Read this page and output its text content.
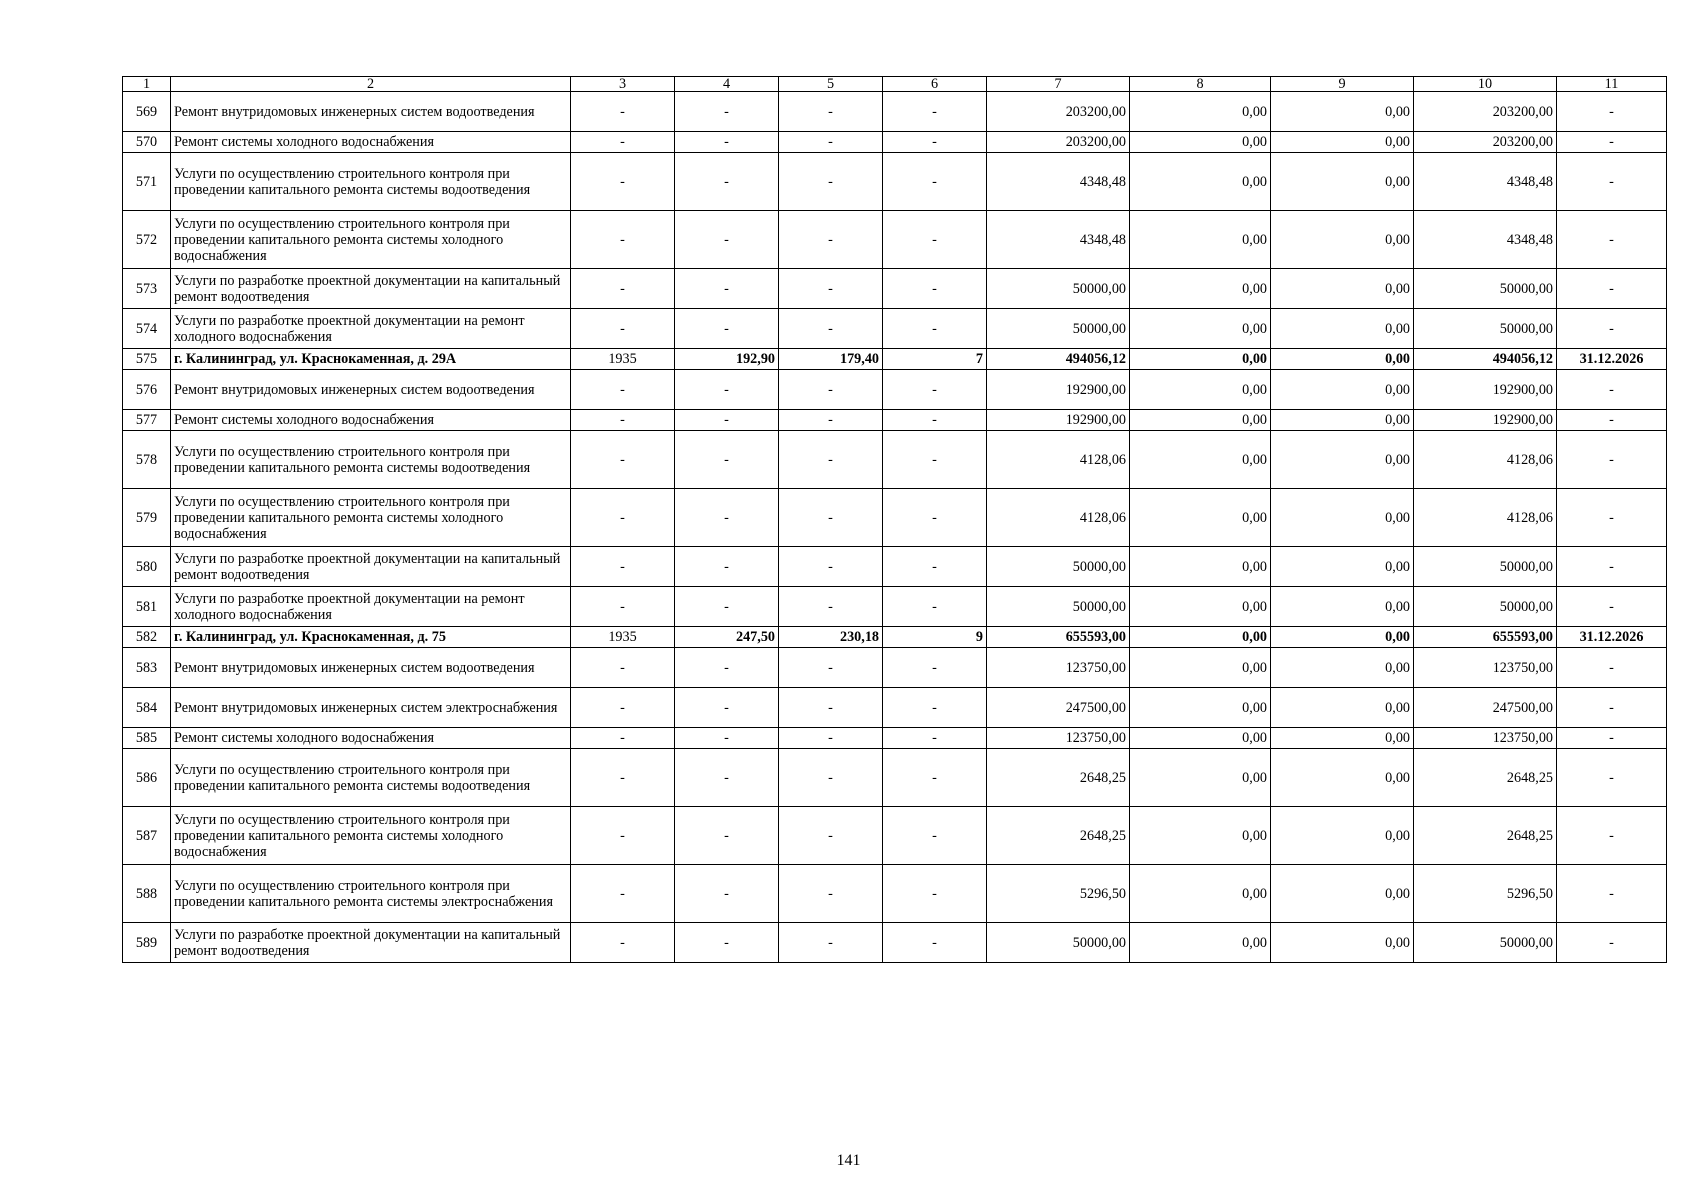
1	2	3	4	5	6	7	8	9	10	11
569	Ремонт внутридомовых инженерных систем водоотведения	-	-	-	-	203200,00	0,00	0,00	203200,00	-
570	Ремонт системы холодного водоснабжения	-	-	-	-	203200,00	0,00	0,00	203200,00	-
571	Услуги по осуществлению строительного контроля при проведении капитального ремонта системы водоотведения	-	-	-	-	4348,48	0,00	0,00	4348,48	-
572	Услуги по осуществлению строительного контроля при проведении капитального ремонта системы холодного водоснабжения	-	-	-	-	4348,48	0,00	0,00	4348,48	-
573	Услуги по разработке проектной документации на капитальный ремонт водоотведения	-	-	-	-	50000,00	0,00	0,00	50000,00	-
574	Услуги по разработке проектной документации на ремонт холодного водоснабжения	-	-	-	-	50000,00	0,00	0,00	50000,00	-
575	г. Калининград, ул. Краснокаменная, д. 29А	1935	192,90	179,40	7	494056,12	0,00	0,00	494056,12	31.12.2026
576	Ремонт внутридомовых инженерных систем водоотведения	-	-	-	-	192900,00	0,00	0,00	192900,00	-
577	Ремонт системы холодного водоснабжения	-	-	-	-	192900,00	0,00	0,00	192900,00	-
578	Услуги по осуществлению строительного контроля при проведении капитального ремонта системы водоотведения	-	-	-	-	4128,06	0,00	0,00	4128,06	-
579	Услуги по осуществлению строительного контроля при проведении капитального ремонта системы холодного водоснабжения	-	-	-	-	4128,06	0,00	0,00	4128,06	-
580	Услуги по разработке проектной документации на капитальный ремонт водоотведения	-	-	-	-	50000,00	0,00	0,00	50000,00	-
581	Услуги по разработке проектной документации на ремонт холодного водоснабжения	-	-	-	-	50000,00	0,00	0,00	50000,00	-
582	г. Калининград, ул. Краснокаменная, д. 75	1935	247,50	230,18	9	655593,00	0,00	0,00	655593,00	31.12.2026
583	Ремонт внутридомовых инженерных систем водоотведения	-	-	-	-	123750,00	0,00	0,00	123750,00	-
584	Ремонт внутридомовых инженерных систем электроснабжения	-	-	-	-	247500,00	0,00	0,00	247500,00	-
585	Ремонт системы холодного водоснабжения	-	-	-	-	123750,00	0,00	0,00	123750,00	-
586	Услуги по осуществлению строительного контроля при проведении капитального ремонта системы водоотведения	-	-	-	-	2648,25	0,00	0,00	2648,25	-
587	Услуги по осуществлению строительного контроля при проведении капитального ремонта системы холодного водоснабжения	-	-	-	-	2648,25	0,00	0,00	2648,25	-
588	Услуги по осуществлению строительного контроля при проведении капитального ремонта системы электроснабжения	-	-	-	-	5296,50	0,00	0,00	5296,50	-
589	Услуги по разработке проектной документации на капитальный ремонт водоотведения	-	-	-	-	50000,00	0,00	0,00	50000,00	-
141
